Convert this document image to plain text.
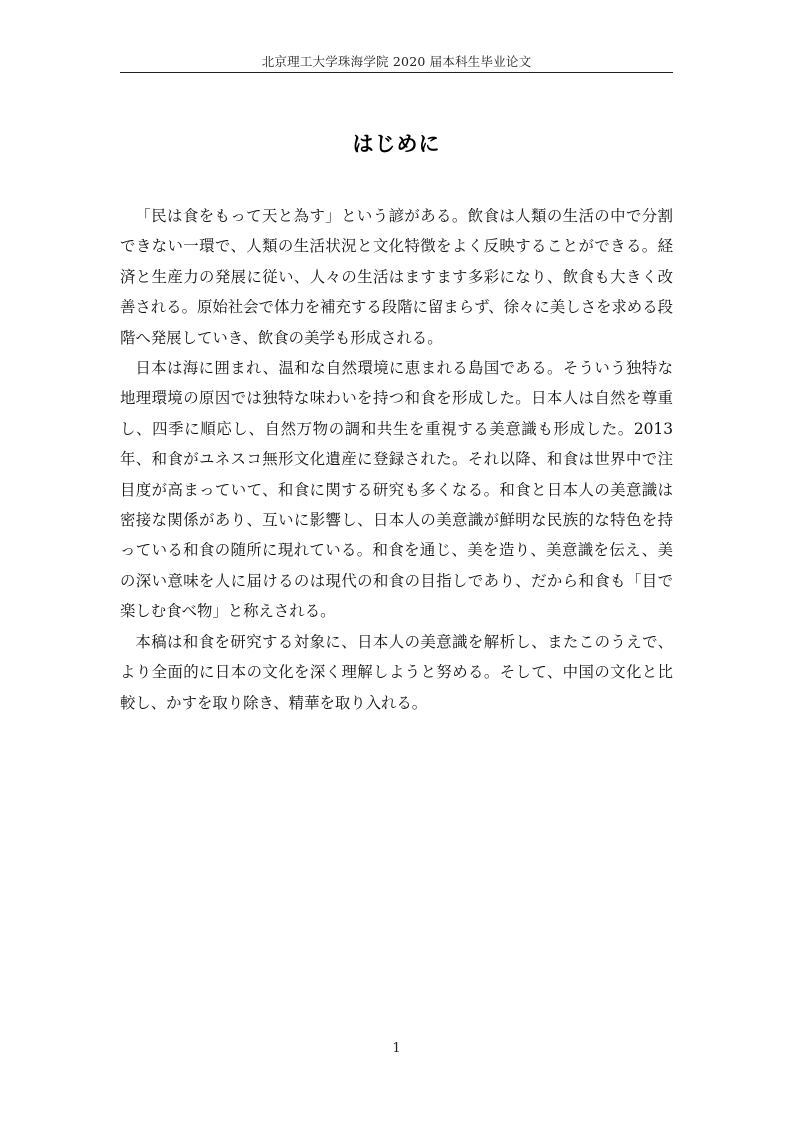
北京理工大学珠海学院 2020 届本科生毕业论文
はじめに

「民は食をもって天と為す」という諺がある。飲食は人類の生活の中で分割できない一環で、人類の生活状況と文化特徴をよく反映することができる。経済と生産力の発展に従い、人々の生活はますます多彩になり、飲食も大きく改善される。原始社会で体力を補充する段階に留まらず、徐々に美しさを求める段階へ発展していき、飲食の美学も形成される。

日本は海に囲まれ、温和な自然環境に恵まれる島国である。そういう独特な地理環境の原因では独特な味わいを持つ和食を形成した。日本人は自然を尊重し、四季に順応し、自然万物の調和共生を重視する美意識も形成した。2013 年、和食がユネスコ無形文化遺産に登録された。それ以降、和食は世界中で注目度が高まっていて、和食に関する研究も多くなる。和食と日本人の美意識は密接な関係があり、互いに影響し、日本人の美意識が鮮明な民族的な特色を持っている和食の随所に現れている。和食を通じ、美を造り、美意識を伝え、美の深い意味を人に届けるのは現代の和食の目指しであり、だから和食も「目で楽しむ食べ物」と称えされる。

本稿は和食を研究する対象に、日本人の美意識を解析し、またこのうえで、より全面的に日本の文化を深く理解しようと努める。そして、中国の文化と比較し、かすを取り除き、精華を取り入れる。

1
